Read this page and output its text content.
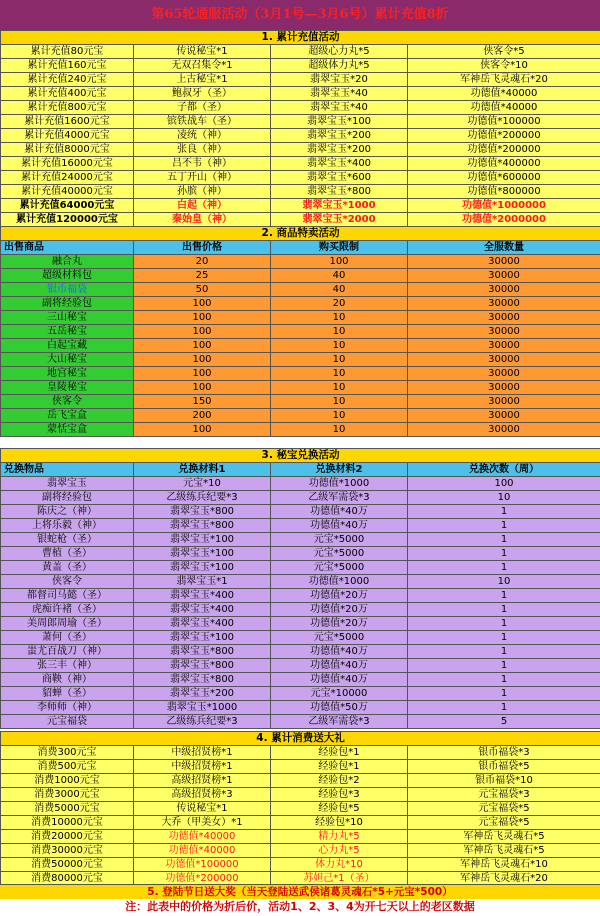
第65轮通服活动（3月1号—3月6号）累计充值8折
1. 累计充值活动			
累计充值80元宝	传说秘宝*1	超级心力丸*5	侠客令*5
累计充值160元宝	无双召集令*1	超级体力丸*5	侠客令*10
累计充值240元宝	上古秘宝*1	翡翠宝玉*20	军神岳飞灵魂石*20
累计充值400元宝	鲍叔牙（圣）	翡翠宝玉*40	功德值*40000
累计充值800元宝	子都（圣）	翡翠宝玉*40	功德值*40000
累计充值1600元宝	镔铁战车（圣）	翡翠宝玉*100	功德值*100000
累计充值4000元宝	凌统（神）	翡翠宝玉*200	功德值*200000
累计充值8000元宝	张良（神）	翡翠宝玉*200	功德值*200000
累计充值16000元宝	吕不韦（神）	翡翠宝玉*400	功德值*400000
累计充值24000元宝	五丁开山（神）	翡翠宝玉*600	功德值*600000
累计充值40000元宝	孙膑（神）	翡翠宝玉*800	功德值*800000
累计充值64000元宝	白起（神）	翡翠宝玉*1000	功德值*1000000
累计充值120000元宝	秦始皇（神）	翡翠宝玉*2000	功德值*2000000
2. 商品特卖活动			
出售商品	出售价格	购买限制	全服数量
融合丸	20	100	30000
超级材料包	25	40	30000
银币福袋	50	40	30000
副将经验包	100	20	30000
三山秘宝	100	10	30000
五岳秘宝	100	10	30000
白起宝藏	100	10	30000
大山秘宝	100	10	30000
地宫秘宝	100	10	30000
皇陵秘宝	100	10	30000
侠客令	150	10	30000
岳飞宝盒	200	10	30000
蒙恬宝盒	100	10	30000
3. 秘宝兑换活动			
兑换物品	兑换材料1	兑换材料2	兑换次数（周）
翡翠宝玉	元宝*10	功德值*1000	100
副将经验包	乙级练兵纪要*3	乙级军需袋*3	10
陈庆之（神）	翡翠宝玉*800	功德值*40万	1
上将乐毅（神）	翡翠宝玉*800	功德值*40万	1
银蛇枪（圣）	翡翠宝玉*100	元宝*5000	1
曹植（圣）	翡翠宝玉*100	元宝*5000	1
黄盖（圣）	翡翠宝玉*100	元宝*5000	1
侠客令	翡翠宝玉*1	功德值*1000	10
都督司马懿（圣）	翡翠宝玉*400	功德值*20万	1
虎痴许褚（圣）	翡翠宝玉*400	功德值*20万	1
美周郎周瑜（圣）	翡翠宝玉*400	功德值*20万	1
萧何（圣）	翡翠宝玉*100	元宝*5000	1
蚩尤百战刀（神）	翡翠宝玉*800	功德值*40万	1
张三丰（神）	翡翠宝玉*800	功德值*40万	1
商鞅（神）	翡翠宝玉*800	功德值*40万	1
貂蝉（圣）	翡翠宝玉*200	元宝*10000	1
李师师（神）	翡翠宝玉*1000	功德值*50万	1
元宝福袋	乙级练兵纪要*3	乙级军需袋*3	5
4. 累计消费送大礼			
消费300元宝	中级招贤榜*1	经验包*1	银币福袋*3
消费500元宝	中级招贤榜*1	经验包*1	银币福袋*5
消费1000元宝	高级招贤榜*1	经验包*2	银币福袋*10
消费3000元宝	高级招贤榜*3	经验包*3	元宝福袋*3
消费5000元宝	传说秘宝*1	经验包*5	元宝福袋*5
消费10000元宝	大乔（甲美女）*1	经验包*10	元宝福袋*5
消费20000元宝	功德值*40000	精力丸*5	军神岳飞灵魂石*5
消费30000元宝	功德值*40000	心力丸*5	军神岳飞灵魂石*5
消费50000元宝	功德值*100000	体力丸*10	军神岳飞灵魂石*10
消费80000元宝	功德值*200000	苏妲己*1（圣）	军神岳飞灵魂石*20
5. 登陆节日送大奖（当天登陆送武侯诸葛灵魂石*5+元宝*500）
注：此表中的价格为折后价，活动1、2、3、4为开七天以上的老区数据
